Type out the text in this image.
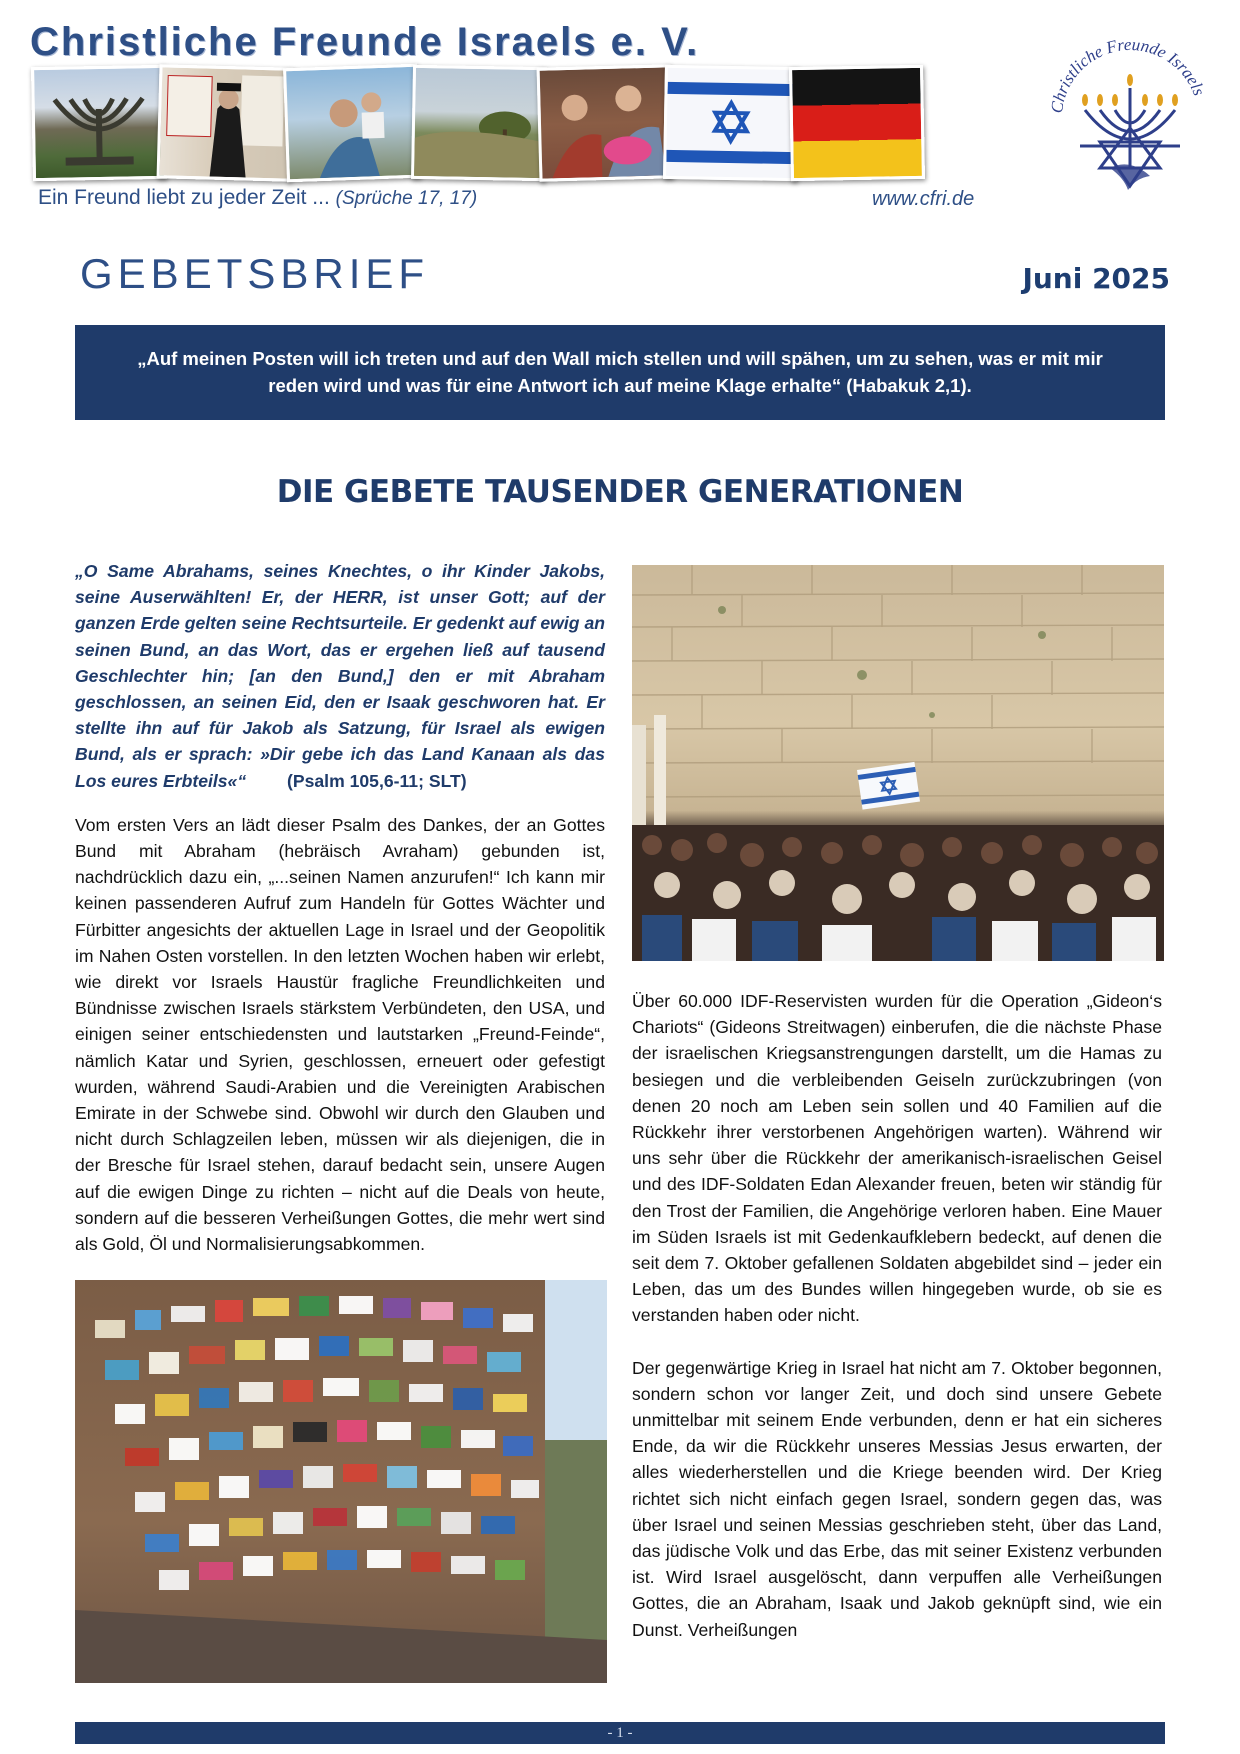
Christliche Freunde Israels e. V.
Ein Freund liebt zu jeder Zeit ... (Sprüche 17, 17)	www.cfri.de
Christliche Freunde Israels
GEBETSBRIEF	Juni 2025
„Auf meinen Posten will ich treten und auf den Wall mich stellen und will spähen, um zu sehen, was er mit mir reden wird und was für eine Antwort ich auf meine Klage erhalte“ (Habakuk 2,1).
DIE GEBETE TAUSENDER GENERATIONEN

„O Same Abrahams, seines Knechtes, o ihr Kinder Jakobs, seine Auserwählten! Er, der HERR, ist unser Gott; auf der ganzen Erde gelten seine Rechtsurteile. Er gedenkt auf ewig an seinen Bund, an das Wort, das er ergehen ließ auf tausend Geschlechter hin; [an den Bund,] den er mit Abraham geschlossen, an seinen Eid, den er Isaak geschworen hat. Er stellte ihn auf für Jakob als Satzung, für Israel als ewigen Bund, als er sprach: »Dir gebe ich das Land Kanaan als das Los eures Erbteils«“ (Psalm 105,6-11; SLT)

Vom ersten Vers an lädt dieser Psalm des Dankes, der an Gottes Bund mit Abraham (hebräisch Avraham) gebunden ist, nachdrücklich dazu ein, „...seinen Namen anzurufen!“ Ich kann mir keinen passenderen Aufruf zum Handeln für Gottes Wächter und Fürbitter angesichts der aktuellen Lage in Israel und der Geopolitik im Nahen Osten vorstellen. In den letzten Wochen haben wir erlebt, wie direkt vor Israels Haustür fragliche Freundlichkeiten und Bündnisse zwischen Israels stärkstem Verbündeten, den USA, und einigen seiner entschiedensten und lautstarken „Freund-Feinde“, nämlich Katar und Syrien, geschlossen, erneuert oder gefestigt wurden, während Saudi-Arabien und die Vereinigten Arabischen Emirate in der Schwebe sind. Obwohl wir durch den Glauben und nicht durch Schlagzeilen leben, müssen wir als diejenigen, die in der Bresche für Israel stehen, darauf bedacht sein, unsere Augen auf die ewigen Dinge zu richten – nicht auf die Deals von heute, sondern auf die besseren Verheißungen Gottes, die mehr wert sind als Gold, Öl und Normalisierungsabkommen.

Über 60.000 IDF-Reservisten wurden für die Operation „Gideon‘s Chariots“ (Gideons Streitwagen) einberufen, die die nächste Phase der israelischen Kriegsanstrengungen darstellt, um die Hamas zu besiegen und die verbleibenden Geiseln zurückzubringen (von denen 20 noch am Leben sein sollen und 40 Familien auf die Rückkehr ihrer verstorbenen Angehörigen warten). Während wir uns sehr über die Rückkehr der amerikanisch-israelischen Geisel und des IDF-Soldaten Edan Alexander freuen, beten wir ständig für den Trost der Familien, die Angehörige verloren haben. Eine Mauer im Süden Israels ist mit Gedenkaufklebern bedeckt, auf denen die seit dem 7. Oktober gefallenen Soldaten abgebildet sind – jeder ein Leben, das um des Bundes willen hingegeben wurde, ob sie es verstanden haben oder nicht.

Der gegenwärtige Krieg in Israel hat nicht am 7. Oktober begonnen, sondern schon vor langer Zeit, und doch sind unsere Gebete unmittelbar mit seinem Ende verbunden, denn er hat ein sicheres Ende, da wir die Rückkehr unseres Messias Jesus erwarten, der alles wiederherstellen und die Kriege beenden wird. Der Krieg richtet sich nicht einfach gegen Israel, sondern gegen das, was über Israel und seinen Messias geschrieben steht, über das Land, das jüdische Volk und das Erbe, das mit seiner Existenz verbunden ist. Wird Israel ausgelöscht, dann verpuffen alle Verheißungen Gottes, die an Abraham, Isaak und Jakob geknüpft sind, wie ein Dunst. Verheißungen

- 1 -
